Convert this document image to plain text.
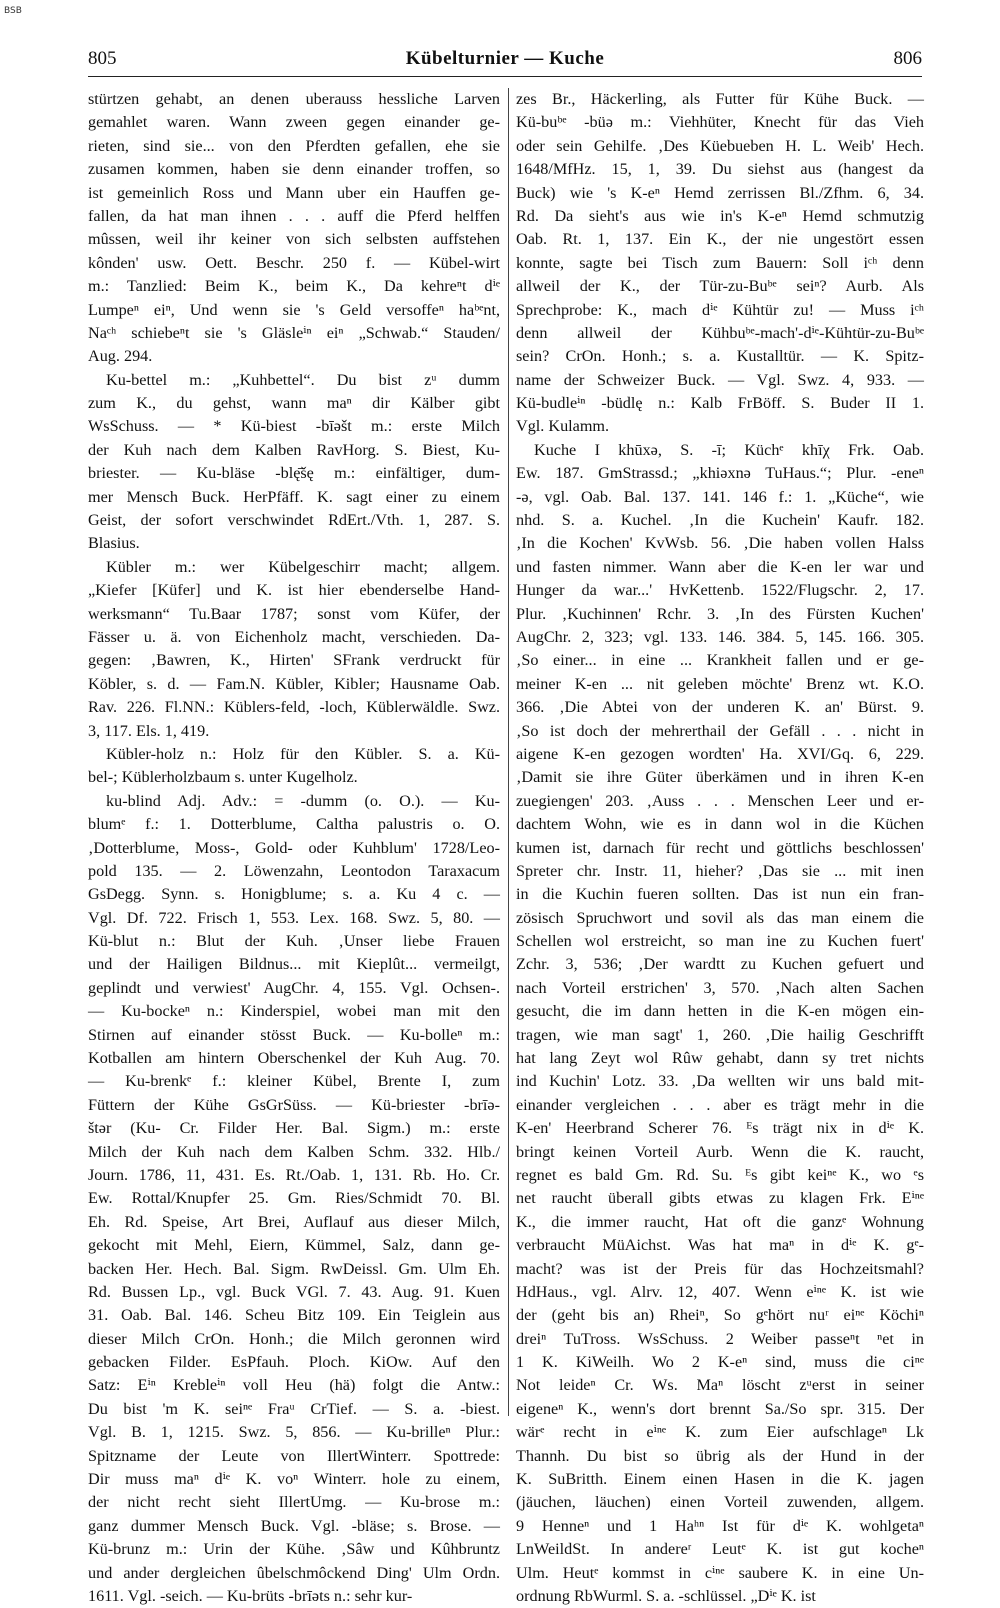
BSB
805	Kübelturnier — Kuche	806
stürtzen gehabt, an denen uberauss hessliche Larven
gemahlet waren. Wann zween gegen einander ge-
rieten, sind sie... von den Pferdten gefallen, ehe sie
zusamen kommen, haben sie denn einander troffen, so
ist gemeinlich Ross und Mann uber ein Hauffen ge-
fallen, da hat man ihnen . . . auff die Pferd helffen
mûssen, weil ihr keiner von sich selbsten auffstehen
kônden' usw. Oett. Beschr. 250 f. — Kübel-wirt
m.: Tanzlied: Beim K., beim K., Da kehreⁿt dⁱᵉ
Lumpeⁿ eiⁿ, Und wenn sie 's Geld versoffeⁿ haᵇᵉnt,
Naᶜʰ schiebeⁿt sie 's Gläsleⁱⁿ eiⁿ „Schwab.“ Stauden/
Aug. 294.
Ku-bettel m.: „Kuhbettel“. Du bist zᵘ dumm
zum K., du gehst, wann maⁿ dir Kälber gibt
WsSchuss. — * Kü-biest -bīəšt m.: erste Milch
der Kuh nach dem Kalben RavHorg. S. Biest, Ku-
briester. — Ku-bläse -blę̄šę m.: einfältiger, dum-
mer Mensch Buck. HerPfäff. K. sagt einer zu einem
Geist, der sofort verschwindet RdErt./Vth. 1, 287. S.
Blasius.
Kübler m.: wer Kübelgeschirr macht; allgem.
„Kiefer [Küfer] und K. ist hier ebenderselbe Hand-
werksmann“ Tu.Baar 1787; sonst vom Küfer, der
Fässer u. ä. von Eichenholz macht, verschieden. Da-
gegen: ‚Bawren, K., Hirten' SFrank verdruckt für
Köbler, s. d. — Fam.N. Kübler, Kibler; Hausname Oab.
Rav. 226. Fl.NN.: Küblers-feld, -loch, Küblerwäldle. Swz.
3, 117. Els. 1, 419.
Kübler-holz n.: Holz für den Kübler. S. a. Kü-
bel-; Küblerholzbaum s. unter Kugelholz.
ku-blind Adj. Adv.: = -dumm (o. O.). — Ku-
blumᵉ f.: 1. Dotterblume, Caltha palustris o. O.
‚Dotterblume, Moss-, Gold- oder Kuhblum' 1728/Leo-
pold 135. — 2. Löwenzahn, Leontodon Taraxacum
GsDegg. Synn. s. Honigblume; s. a. Ku 4 c. —
Vgl. Df. 722. Frisch 1, 553. Lex. 168. Swz. 5, 80. —
Kü-blut n.: Blut der Kuh. ‚Unser liebe Frauen
und der Hailigen Bildnus... mit Kieplût... vermeilgt,
geplindt und verwiest' AugChr. 4, 155. Vgl. Ochsen-.
— Ku-bockeⁿ n.: Kinderspiel, wobei man mit den
Stirnen auf einander stösst Buck. — Ku-bolleⁿ m.:
Kotballen am hintern Oberschenkel der Kuh Aug. 70.
— Ku-brenkᵉ f.: kleiner Kübel, Brente I, zum
Füttern der Kühe GsGrSüss. — Kü-briester -brīə-
štər (Ku- Cr. Filder Her. Bal. Sigm.) m.: erste
Milch der Kuh nach dem Kalben Schm. 332. Hlb./
Journ. 1786, 11, 431. Es. Rt./Oab. 1, 131. Rb. Ho. Cr.
Ew. Rottal/Knupfer 25. Gm. Ries/Schmidt 70. Bl.
Eh. Rd. Speise, Art Brei, Auflauf aus dieser Milch,
gekocht mit Mehl, Eiern, Kümmel, Salz, dann ge-
backen Her. Hech. Bal. Sigm. RwDeissl. Gm. Ulm Eh.
Rd. Bussen Lp., vgl. Buck VGl. 7. 43. Aug. 91. Kuen
31. Oab. Bal. 146. Scheu Bitz 109. Ein Teiglein aus
dieser Milch CrOn. Honh.; die Milch geronnen wird
gebacken Filder. EsPfauh. Ploch. KiOw. Auf den
Satz: Eⁱⁿ Krebleⁱⁿ voll Heu (hä) folgt die Antw.:
Du bist 'm K. seiⁿᵉ Fraᵘ CrTief. — S. a. -biest.
Vgl. B. 1, 1215. Swz. 5, 856. — Ku-brilleⁿ Plur.:
Spitzname der Leute von IllertWinterr. Spottrede:
Dir muss maⁿ dⁱᵉ K. voⁿ Winterr. hole zu einem,
der nicht recht sieht IllertUmg. — Ku-brose m.:
ganz dummer Mensch Buck. Vgl. -bläse; s. Brose. —
Kü-brunz m.: Urin der Kühe. ‚Sâw und Kûhbruntz
und ander dergleichen ûbelschmôckend Ding' Ulm Ordn.
1611. Vgl. -seich. — Ku-brüts -brīəts n.: sehr kur-
zes Br., Häckerling, als Futter für Kühe Buck. —
Kü-buᵇᵉ -büə m.: Viehhüter, Knecht für das Vieh
oder sein Gehilfe. ‚Des Küebueben H. L. Weib' Hech.
1648/MfHz. 15, 1, 39. Du siehst aus (hangest da
Buck) wie 's K-eⁿ Hemd zerrissen Bl./Zfhm. 6, 34.
Rd. Da sieht's aus wie in's K-eⁿ Hemd schmutzig
Oab. Rt. 1, 137. Ein K., der nie ungestört essen
konnte, sagte bei Tisch zum Bauern: Soll iᶜʰ denn
allweil der K., der Tür-zu-Buᵇᵉ seiⁿ? Aurb. Als
Sprechprobe: K., mach dⁱᵉ Kühtür zu! — Muss iᶜʰ
denn allweil der Kühbuᵇᵉ-mach'-dⁱᵉ-Kühtür-zu-Buᵇᵉ
sein? CrOn. Honh.; s. a. Kustalltür. — K. Spitz-
name der Schweizer Buck. — Vgl. Swz. 4, 933. —
Kü-budleⁱⁿ -büdlę n.: Kalb FrBöff. S. Buder II 1.
Vgl. Kulamm.
Kuche I khūxə, S. -ī; Küchᵉ khīχ Frk. Oab.
Ew. 187. GmStrassd.; „khiəxnə TuHaus.“; Plur. -eneⁿ
-ə, vgl. Oab. Bal. 137. 141. 146 f.: 1. „Küche“, wie
nhd. S. a. Kuchel. ‚In die Kuchein' Kaufr. 182.
‚In die Kochen' KvWsb. 56. ‚Die haben vollen Halss
und fasten nimmer. Wann aber die K-en ler war und
Hunger da war...' HvKettenb. 1522/Flugschr. 2, 17.
Plur. ‚Kuchinnen' Rchr. 3. ‚In des Fürsten Kuchen'
AugChr. 2, 323; vgl. 133. 146. 384. 5, 145. 166. 305.
‚So einer... in eine ... Krankheit fallen und er ge-
meiner K-en ... nit geleben möchte' Brenz wt. K.O.
366. ‚Die Abtei von der underen K. an' Bürst. 9.
‚So ist doch der mehrerthail der Gefäll . . . nicht in
aigene K-en gezogen wordten' Ha. XVI/Gq. 6, 229.
‚Damit sie ihre Güter überkämen und in ihren K-en
zuegiengen' 203. ‚Auss . . . Menschen Leer und er-
dachtem Wohn, wie es in dann wol in die Küchen
kumen ist, darnach für recht und göttlichs beschlossen'
Spreter chr. Instr. 11, hieher? ‚Das sie ... mit inen
in die Kuchin fueren sollten. Das ist nun ein fran-
zösisch Spruchwort und sovil als das man einem die
Schellen wol erstreicht, so man ine zu Kuchen fuert'
Zchr. 3, 536; ‚Der wardtt zu Kuchen gefuert und
nach Vorteil erstrichen' 3, 570. ‚Nach alten Sachen
gesucht, die im dann hetten in die K-en mögen ein-
tragen, wie man sagt' 1, 260. ‚Die hailig Geschrifft
hat lang Zeyt wol Rûw gehabt, dann sy tret nichts
ind Kuchin' Lotz. 33. ‚Da wellten wir uns bald mit-
einander vergleichen . . . aber es trägt mehr in die
K-en' Heerbrand Scherer 76. ᴱs trägt nix in dⁱᵉ K.
bringt keinen Vorteil Aurb. Wenn die K. raucht,
regnet es bald Gm. Rd. Su. ᴱs gibt keiⁿᵉ K., wo ᵉs
net raucht überall gibts etwas zu klagen Frk. Eⁱⁿᵉ
K., die immer raucht, Hat oft die ganzᵉ Wohnung
verbraucht MüAichst. Was hat maⁿ in dⁱᵉ K. gᵉ-
macht? was ist der Preis für das Hochzeitsmahl?
HdHaus., vgl. Alrv. 12, 407. Wenn eⁱⁿᵉ K. ist wie
der (geht bis an) Rheiⁿ, So gᵉhört nuʳ eiⁿᵉ Köchiⁿ
dreiⁿ TuTross. WsSchuss. 2 Weiber passeⁿt ⁿet in
1 K. KiWeilh. Wo 2 K-eⁿ sind, muss die ciⁿᵉ
Not leideⁿ Cr. Ws. Maⁿ löscht zᵘerst in seiner
eigeneⁿ K., wenn's dort brennt Sa./So spr. 315. Der
wärᵉ recht in eⁱⁿᵉ K. zum Eier aufschlageⁿ Lk
Thannh. Du bist so übrig als der Hund in der
K. SuBritth. Einem einen Hasen in die K. jagen
(jäuchen, läuchen) einen Vorteil zuwenden, allgem.
9 Henneⁿ und 1 Haʰⁿ Ist für dⁱᵉ K. wohlgetaⁿ
LnWeildSt. In andereʳ Leutᵉ K. ist gut kocheⁿ
Ulm. Heutᵉ kommst in cⁱⁿᵉ saubere K. in eine Un-
ordnung RbWurml. S. a. -schlüssel. „Dⁱᵉ K. ist
